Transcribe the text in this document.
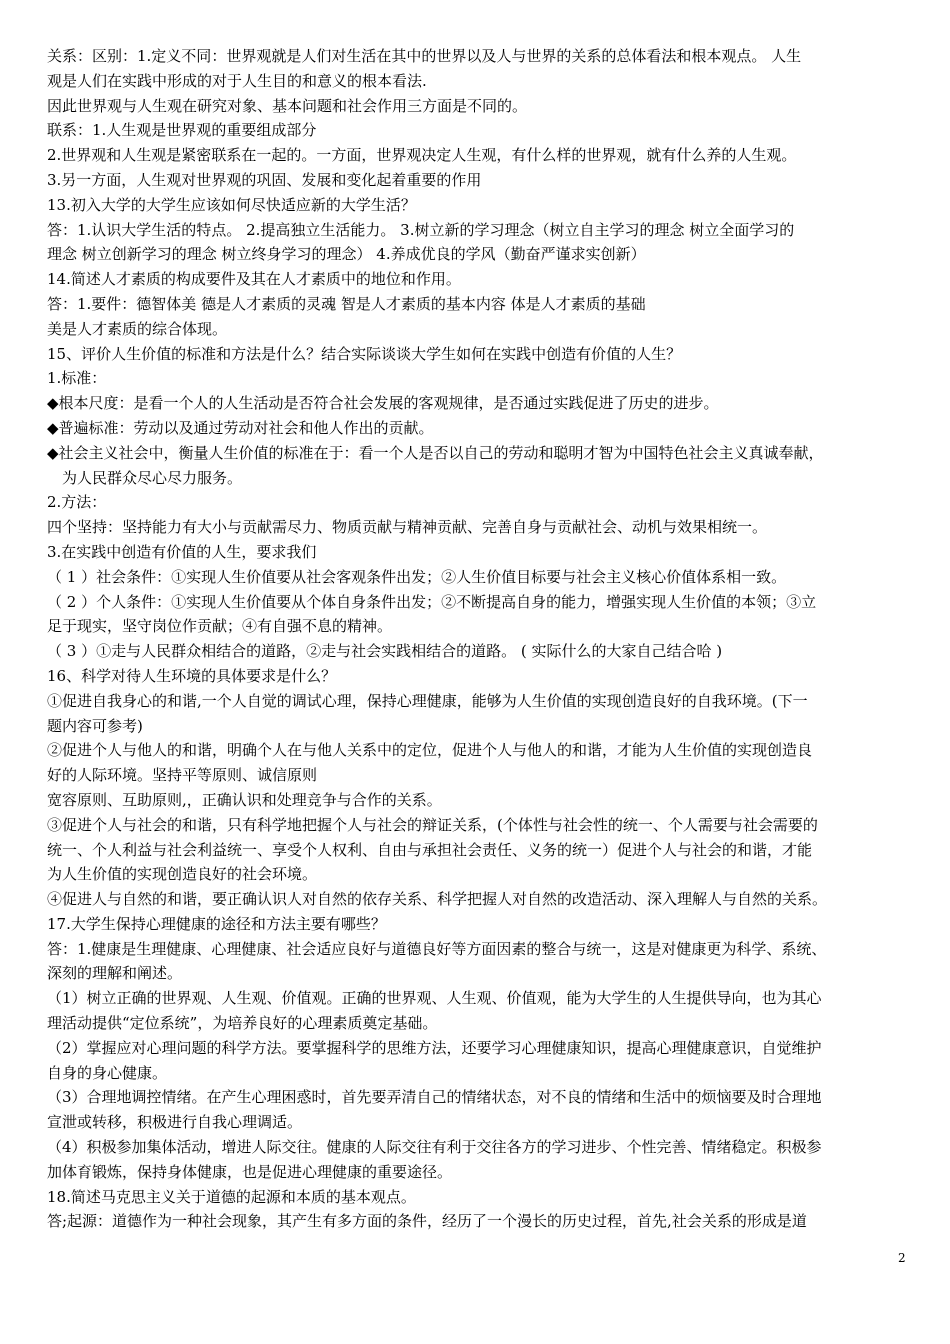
关系：区别：1.定义不同：世界观就是人们对生活在其中的世界以及人与世界的关系的总体看法和根本观点。 人生
观是人们在实践中形成的对于人生目的和意义的根本看法.
因此世界观与人生观在研究对象、基本问题和社会作用三方面是不同的。
联系：1.人生观是世界观的重要组成部分
2.世界观和人生观是紧密联系在一起的。一方面，世界观决定人生观，有什么样的世界观，就有什么养的人生观。
3.另一方面，人生观对世界观的巩固、发展和变化起着重要的作用
13.初入大学的大学生应该如何尽快适应新的大学生活？
答：1.认识大学生活的特点。 2.提高独立生活能力。 3.树立新的学习理念（树立自主学习的理念 树立全面学习的
理念 树立创新学习的理念 树立终身学习的理念） 4.养成优良的学风（勤奋严谨求实创新）
14.简述人才素质的构成要件及其在人才素质中的地位和作用。
答：1.要件：德智体美 德是人才素质的灵魂 智是人才素质的基本内容 体是人才素质的基础
美是人才素质的综合体现。
15、评价人生价值的标准和方法是什么？结合实际谈谈大学生如何在实践中创造有价值的人生？
1.标准：
◆根本尺度：是看一个人的人生活动是否符合社会发展的客观规律，是否通过实践促进了历史的进步。
◆普遍标准：劳动以及通过劳动对社会和他人作出的贡献。
◆社会主义社会中，衡量人生价值的标准在于：看一个人是否以自己的劳动和聪明才智为中国特色社会主义真诚奉献，
为人民群众尽心尽力服务。
2.方法：
四个坚持：坚持能力有大小与贡献需尽力、物质贡献与精神贡献、完善自身与贡献社会、动机与效果相统一。
3.在实践中创造有价值的人生，要求我们
（ 1 ）社会条件：①实现人生价值要从社会客观条件出发；②人生价值目标要与社会主义核心价值体系相一致。
（ 2 ）个人条件：①实现人生价值要从个体自身条件出发；②不断提高自身的能力，增强实现人生价值的本领；③立
足于现实，坚守岗位作贡献；④有自强不息的精神。
（ 3 ）①走与人民群众相结合的道路，②走与社会实践相结合的道路。 ( 实际什么的大家自己结合哈 )
16、科学对待人生环境的具体要求是什么？
①促进自我身心的和谐,一个人自觉的调试心理，保持心理健康，能够为人生价值的实现创造良好的自我环境。(下一
题内容可参考)
②促进个人与他人的和谐，明确个人在与他人关系中的定位，促进个人与他人的和谐，才能为人生价值的实现创造良
好的人际环境。坚持平等原则、诚信原则
宽容原则、互助原则,，正确认识和处理竞争与合作的关系。
③促进个人与社会的和谐，只有科学地把握个人与社会的辩证关系，(个体性与社会性的统一、个人需要与社会需要的
统一、个人利益与社会利益统一、享受个人权利、自由与承担社会责任、义务的统一）促进个人与社会的和谐，才能
为人生价值的实现创造良好的社会环境。
④促进人与自然的和谐，要正确认识人对自然的依存关系、科学把握人对自然的改造活动、深入理解人与自然的关系。
17.大学生保持心理健康的途径和方法主要有哪些？
答：1.健康是生理健康、心理健康、社会适应良好与道德良好等方面因素的整合与统一，这是对健康更为科学、系统、
深刻的理解和阐述。
（1）树立正确的世界观、人生观、价值观。正确的世界观、人生观、价值观，能为大学生的人生提供导向，也为其心
理活动提供“定位系统”，为培养良好的心理素质奠定基础。
（2）掌握应对心理问题的科学方法。要掌握科学的思维方法，还要学习心理健康知识，提高心理健康意识，自觉维护
自身的身心健康。
（3）合理地调控情绪。在产生心理困惑时，首先要弄清自己的情绪状态，对不良的情绪和生活中的烦恼要及时合理地
宣泄或转移，积极进行自我心理调适。
（4）积极参加集体活动，增进人际交往。健康的人际交往有利于交往各方的学习进步、个性完善、情绪稳定。积极参
加体育锻炼，保持身体健康，也是促进心理健康的重要途径。
18.简述马克思主义关于道德的起源和本质的基本观点。
答;起源：道德作为一种社会现象，其产生有多方面的条件，经历了一个漫长的历史过程，首先,社会关系的形成是道
2
